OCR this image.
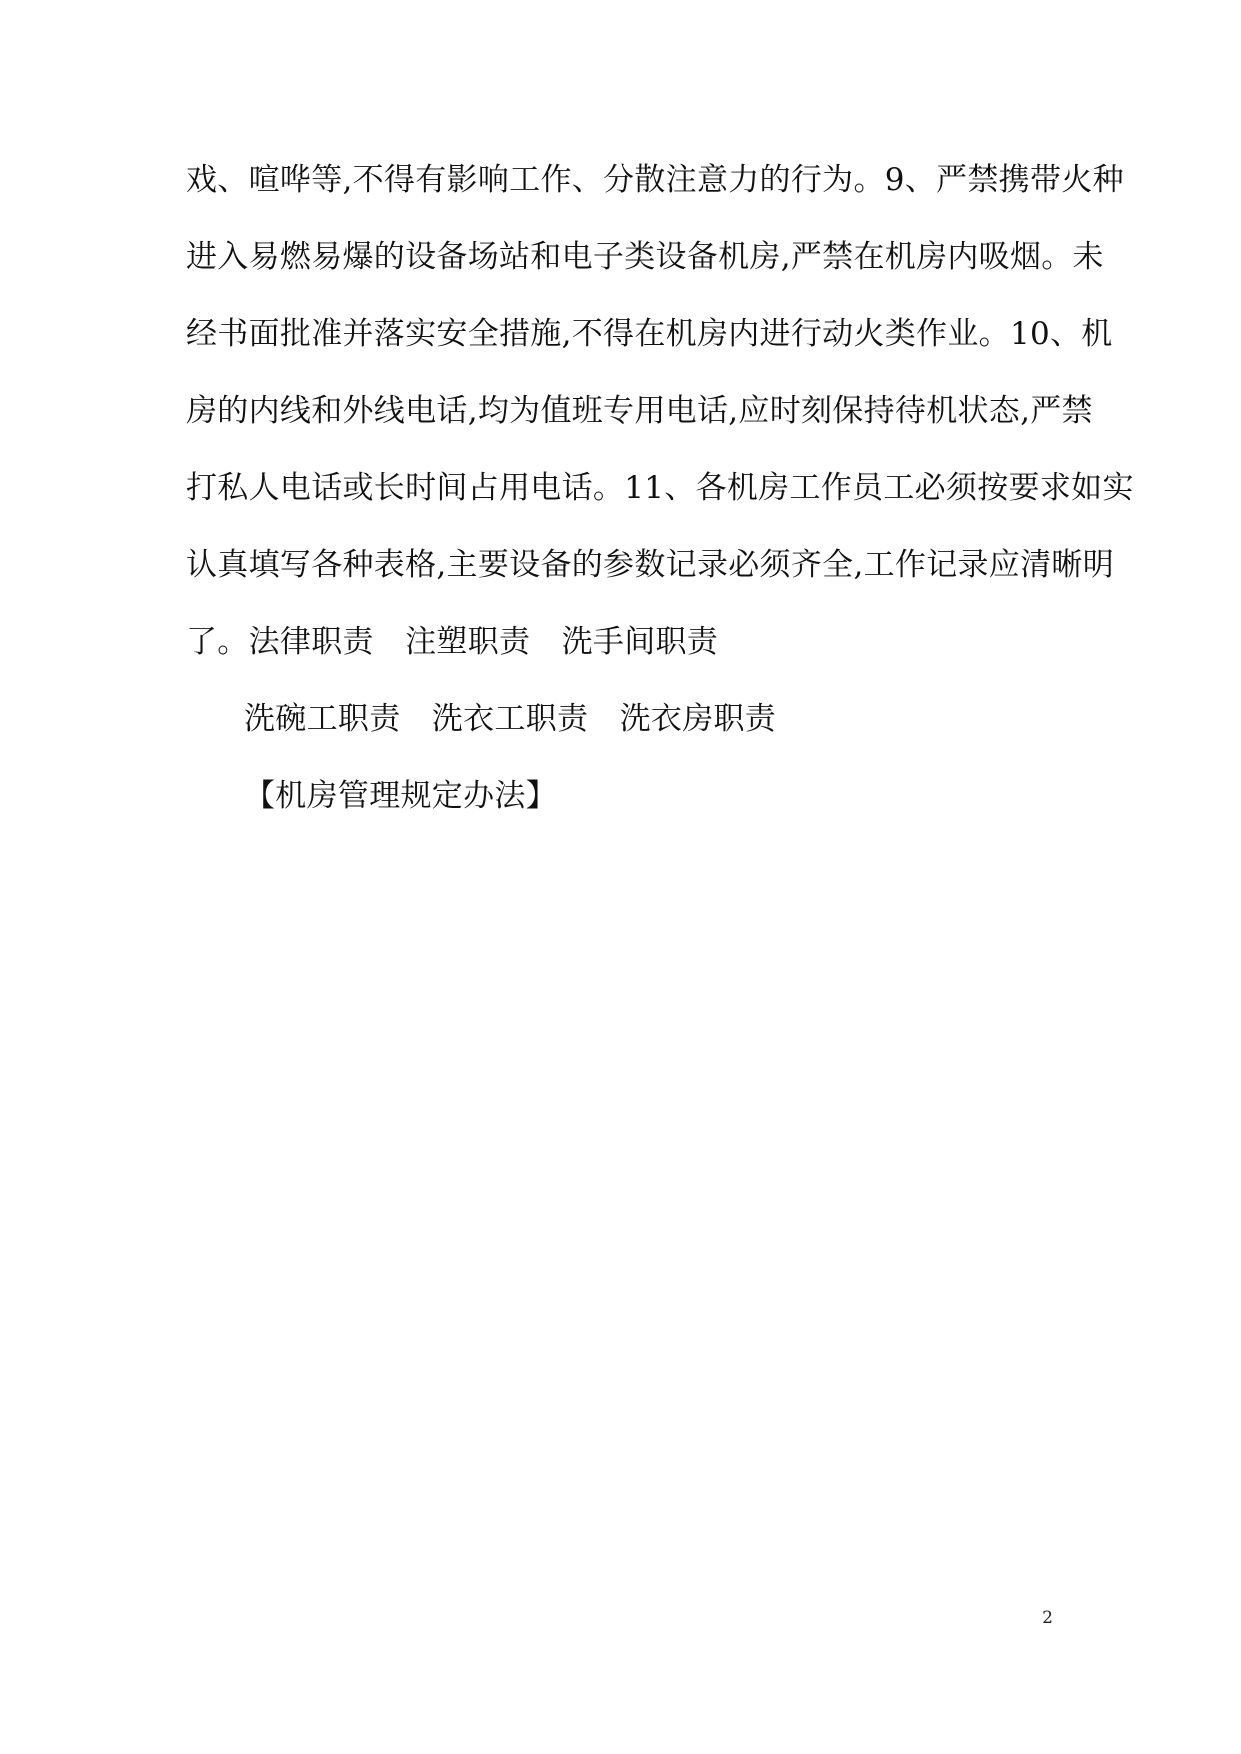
戏、喧哗等,不得有影响工作、分散注意力的行为。9、严禁携带火种
进入易燃易爆的设备场站和电子类设备机房,严禁在机房内吸烟。未
经书面批准并落实安全措施,不得在机房内进行动火类作业。10、机
房的内线和外线电话,均为值班专用电话,应时刻保持待机状态,严禁
打私人电话或长时间占用电话。11、各机房工作员工必须按要求如实
认真填写各种表格,主要设备的参数记录必须齐全,工作记录应清晰明
了。法律职责　注塑职责　洗手间职责
洗碗工职责　洗衣工职责　洗衣房职责
【机房管理规定办法】
2
